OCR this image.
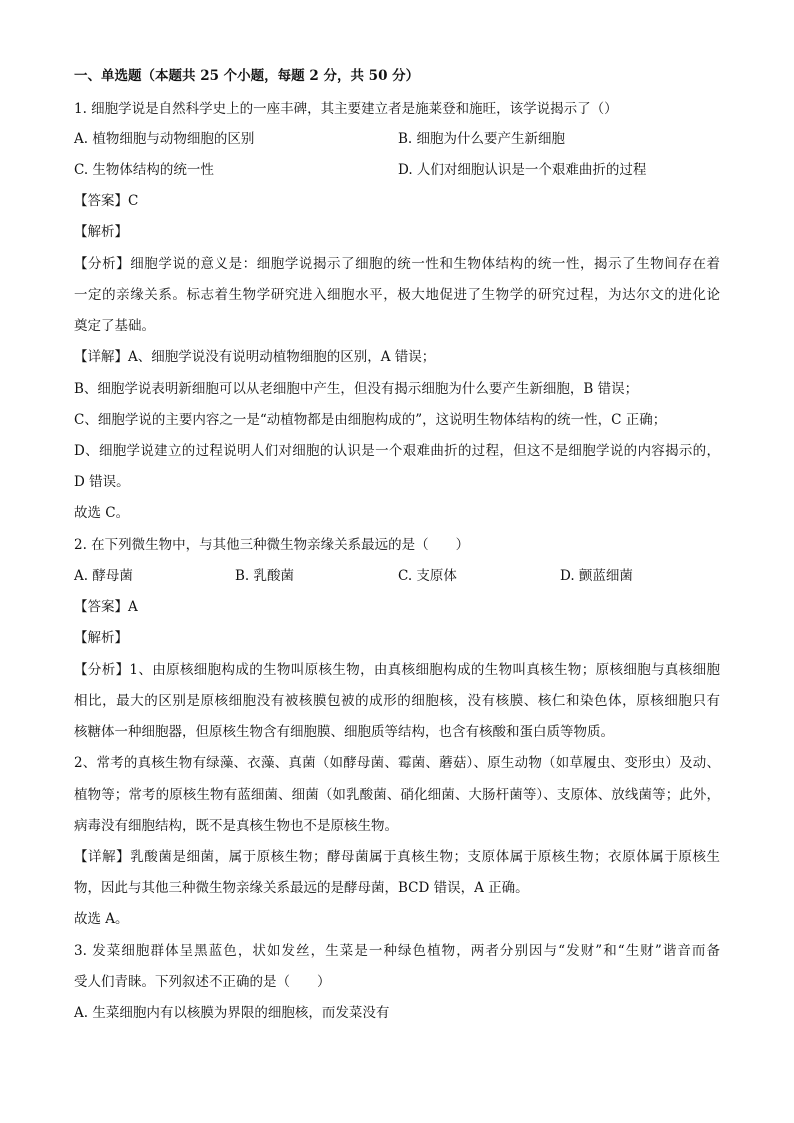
一、单选题（本题共 25 个小题，每题 2 分，共 50 分）
1. 细胞学说是自然科学史上的一座丰碑，其主要建立者是施莱登和施旺，该学说揭示了（）
A. 植物细胞与动物细胞的区别	B. 细胞为什么要产生新细胞
C. 生物体结构的统一性	D. 人们对细胞认识是一个艰难曲折的过程
【答案】C
【解析】
【分析】细胞学说的意义是：细胞学说揭示了细胞的统一性和生物体结构的统一性，揭示了生物间存在着
一定的亲缘关系。标志着生物学研究进入细胞水平，极大地促进了生物学的研究过程，为达尔文的进化论
奠定了基础。
【详解】A、细胞学说没有说明动植物细胞的区别，A 错误；
B、细胞学说表明新细胞可以从老细胞中产生，但没有揭示细胞为什么要产生新细胞，B 错误；
C、细胞学说的主要内容之一是“动植物都是由细胞构成的”，这说明生物体结构的统一性，C 正确；
D、细胞学说建立的过程说明人们对细胞的认识是一个艰难曲折的过程，但这不是细胞学说的内容揭示的，
D 错误。
故选 C。
2. 在下列微生物中，与其他三种微生物亲缘关系最远的是（　　）
A. 酵母菌	B. 乳酸菌	C. 支原体	D. 颤蓝细菌
【答案】A
【解析】
【分析】1、由原核细胞构成的生物叫原核生物，由真核细胞构成的生物叫真核生物；原核细胞与真核细胞
相比，最大的区别是原核细胞没有被核膜包被的成形的细胞核，没有核膜、核仁和染色体，原核细胞只有
核糖体一种细胞器，但原核生物含有细胞膜、细胞质等结构，也含有核酸和蛋白质等物质。
2、常考的真核生物有绿藻、衣藻、真菌（如酵母菌、霉菌、蘑菇）、原生动物（如草履虫、变形虫）及动、
植物等；常考的原核生物有蓝细菌、细菌（如乳酸菌、硝化细菌、大肠杆菌等）、支原体、放线菌等；此外，
病毒没有细胞结构，既不是真核生物也不是原核生物。
【详解】乳酸菌是细菌，属于原核生物；酵母菌属于真核生物；支原体属于原核生物；衣原体属于原核生
物，因此与其他三种微生物亲缘关系最远的是酵母菌，BCD 错误，A 正确。
故选 A。
3. 发菜细胞群体呈黑蓝色，状如发丝，生菜是一种绿色植物，两者分别因与“发财”和“生财”谐音而备
受人们青睐。下列叙述不正确的是（　　）
A. 生菜细胞内有以核膜为界限的细胞核，而发菜没有
